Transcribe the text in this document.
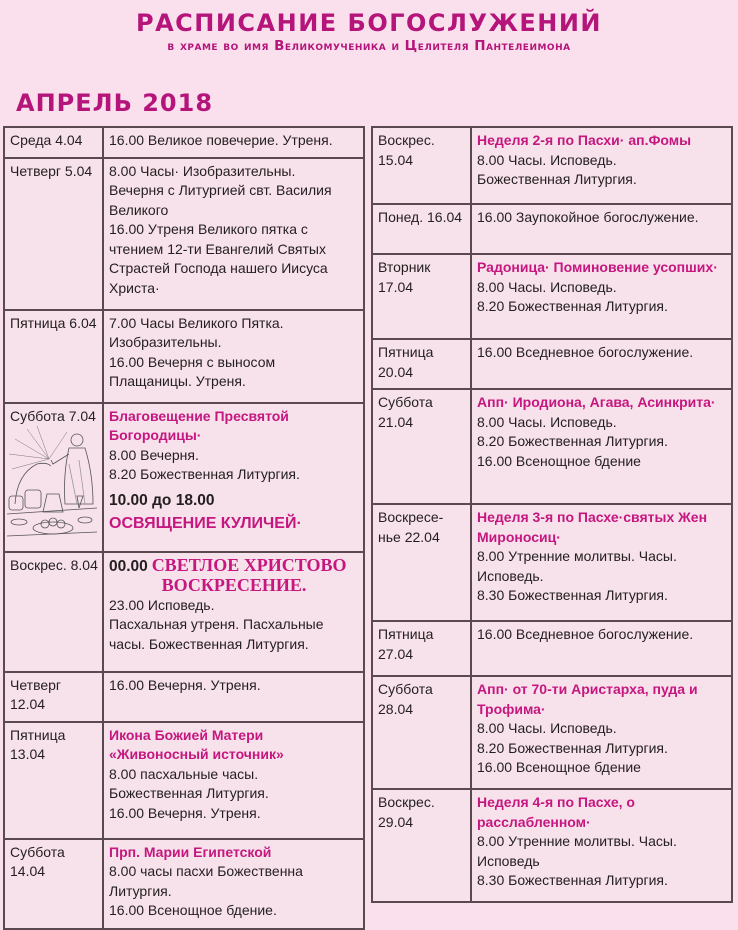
РАСПИСАНИЕ БОГОСЛУЖЕНИЙ
в храме во имя Великомученика и Целителя Пантелеимона
АПРЕЛЬ 2018
Среда 4.04	16.00 Великое повечерие. Утреня.

Четверг 5.04	8.00 Часы· Изобразительны.
Вечерня с Литургией свт. Василия Великого
16.00 Утреня Великого пятка с чтением 12-ти Евангелий Святых Страстей Господа нашего Иисуса Христа·

Пятница 6.04	7.00 Часы Великого Пятка.
Изобразительны.
16.00 Вечерня с выносом Плащаницы. Утреня.

Суббота 7.04	Благовещение Пресвятой Богородицы·
8.00 Вечерня.
8.20 Божественная Литургия.
10.00 до 18.00
ОСВЯЩЕНИЕ КУЛИЧЕЙ·

Воскрес. 8.04	00.00 СВЕТЛОЕ ХРИСТОВО
ВОСКРЕСЕНИЕ.
23.00 Исповедь.
Пасхальная утреня. Пасхальные часы. Божественная Литургия.

Четверг 12.04	16.00 Вечерня. Утреня.

Пятница 13.04	Икона Божией Матери «Живоносный источник»
8.00 пасхальные часы.
Божественная Литургия.
16.00 Вечерня. Утреня.

Суббота 14.04	Прп. Марии Египетской
8.00 часы пасхи Божественна Литургия.
16.00 Всенощное бдение.
Воскрес. 15.04	Неделя 2-я по Пасхи· ап.Фомы
8.00 Часы. Исповедь.
Божественная Литургия.

Понед. 16.04	16.00 Заупокойное богослужение.

Вторник 17.04	Радоница· Поминовение усопших·
8.00 Часы. Исповедь.
8.20 Божественная Литургия.

Пятница 20.04	16.00 Вседневное богослужение.

Суббота 21.04	Апп· Иродиона, Агава, Асинкрита·
8.00 Часы. Исповедь.
8.20 Божественная Литургия.
16.00 Всенощное бдение

Воскресе-нье 22.04	Неделя 3-я по Пасхе·святых Жен Мироносиц·
8.00 Утренние молитвы. Часы.
Исповедь.
8.30 Божественная Литургия.

Пятница 27.04	16.00 Вседневное богослужение.

Суббота 28.04	Апп· от 70-ти Аристарха, пуда и Трофима·
8.00 Часы. Исповедь.
8.20 Божественная Литургия.
16.00 Всенощное бдение

Воскрес. 29.04	Неделя 4-я по Пасхе, о расслабленном·
8.00 Утренние молитвы. Часы.
Исповедь
8.30 Божественная Литургия.
